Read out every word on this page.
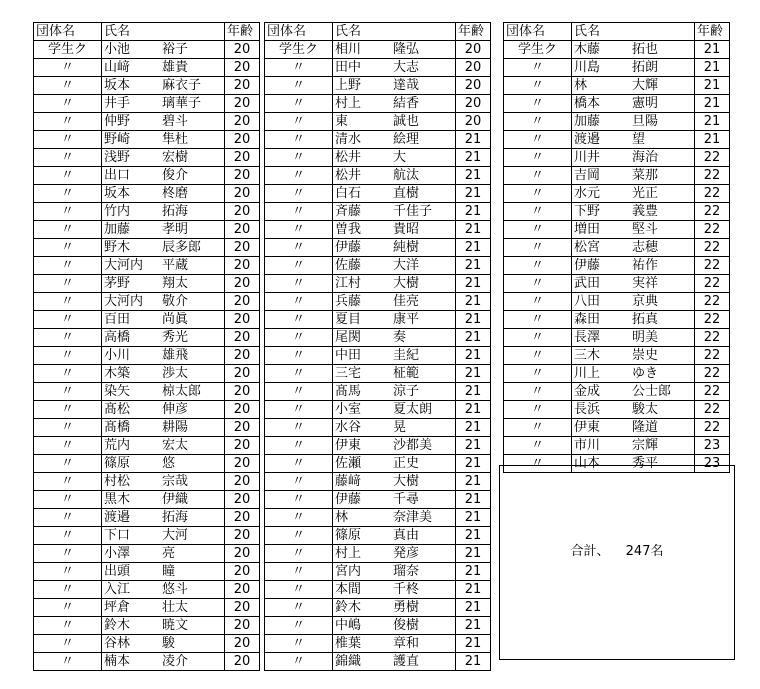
団体名	氏名		年齢
学生ク	小池	裕子	20
〃	山﨑	雄貴	20
〃	坂本	麻衣子	20
〃	井手	璃華子	20
〃	仲野	碧斗	20
〃	野崎	隼杜	20
〃	浅野	宏樹	20
〃	出口	俊介	20
〃	坂本	柊磨	20
〃	竹内	拓海	20
〃	加藤	孝明	20
〃	野木	辰多郎	20
〃	大河内	平蔵	20
〃	茅野	翔太	20
〃	大河内	敬介	20
〃	百田	尚眞	20
〃	高橋	秀光	20
〃	小川	雄飛	20
〃	木築	渉太	20
〃	染矢	椋太郎	20
〃	髙松	伸彦	20
〃	髙橋	耕陽	20
〃	荒内	宏太	20
〃	篠原	悠	20
〃	村松	宗哉	20
〃	黒木	伊織	20
〃	渡邉	拓海	20
〃	下口	大河	20
〃	小澤	亮	20
〃	出頭	瞳	20
〃	入江	悠斗	20
〃	坪倉	壮太	20
〃	鈴木	暁文	20
〃	谷林	駿	20
〃	楠本	凌介	20
団体名	氏名		年齢
学生ク	相川	隆弘	20
〃	田中	大志	20
〃	上野	達哉	20
〃	村上	結香	20
〃	東	誠也	20
〃	清水	絵理	21
〃	松井	大	21
〃	松井	航汰	21
〃	白石	直樹	21
〃	斉藤	千佳子	21
〃	曽我	貴昭	21
〃	伊藤	純樹	21
〃	佐藤	大洋	21
〃	江村	大樹	21
〃	兵藤	佳亮	21
〃	夏目	康平	21
〃	尾関	奏	21
〃	中田	圭紀	21
〃	三宅	柾範	21
〃	髙馬	涼子	21
〃	小室	夏太朗	21
〃	水谷	晃	21
〃	伊東	沙都美	21
〃	佐瀬	正史	21
〃	藤﨑	大樹	21
〃	伊藤	千尋	21
〃	林	奈津美	21
〃	篠原	真由	21
〃	村上	発彦	21
〃	宮内	瑠奈	21
〃	本間	千柊	21
〃	鈴木	勇樹	21
〃	中嶋	俊樹	21
〃	椎葉	章和	21
〃	錦織	護直	21
団体名	氏名		年齢
学生ク	木藤	拓也	21
〃	川島	拓朗	21
〃	林	大輝	21
〃	橋本	憲明	21
〃	加藤	旦陽	21
〃	渡邉	望	21
〃	川井	海治	22
〃	吉岡	菜那	22
〃	水元	光正	22
〃	下野	義豊	22
〃	増田	堅斗	22
〃	松宮	志穂	22
〃	伊藤	祐作	22
〃	武田	実祥	22
〃	八田	京典	22
〃	森田	拓真	22
〃	長澤	明美	22
〃	三木	崇史	22
〃	川上	ゆき	22
〃	金成	公士郎	22
〃	長浜	駿太	22
〃	伊東	隆道	22
〃	市川	宗輝	23
〃	山本	秀平	23
合計、 247名
